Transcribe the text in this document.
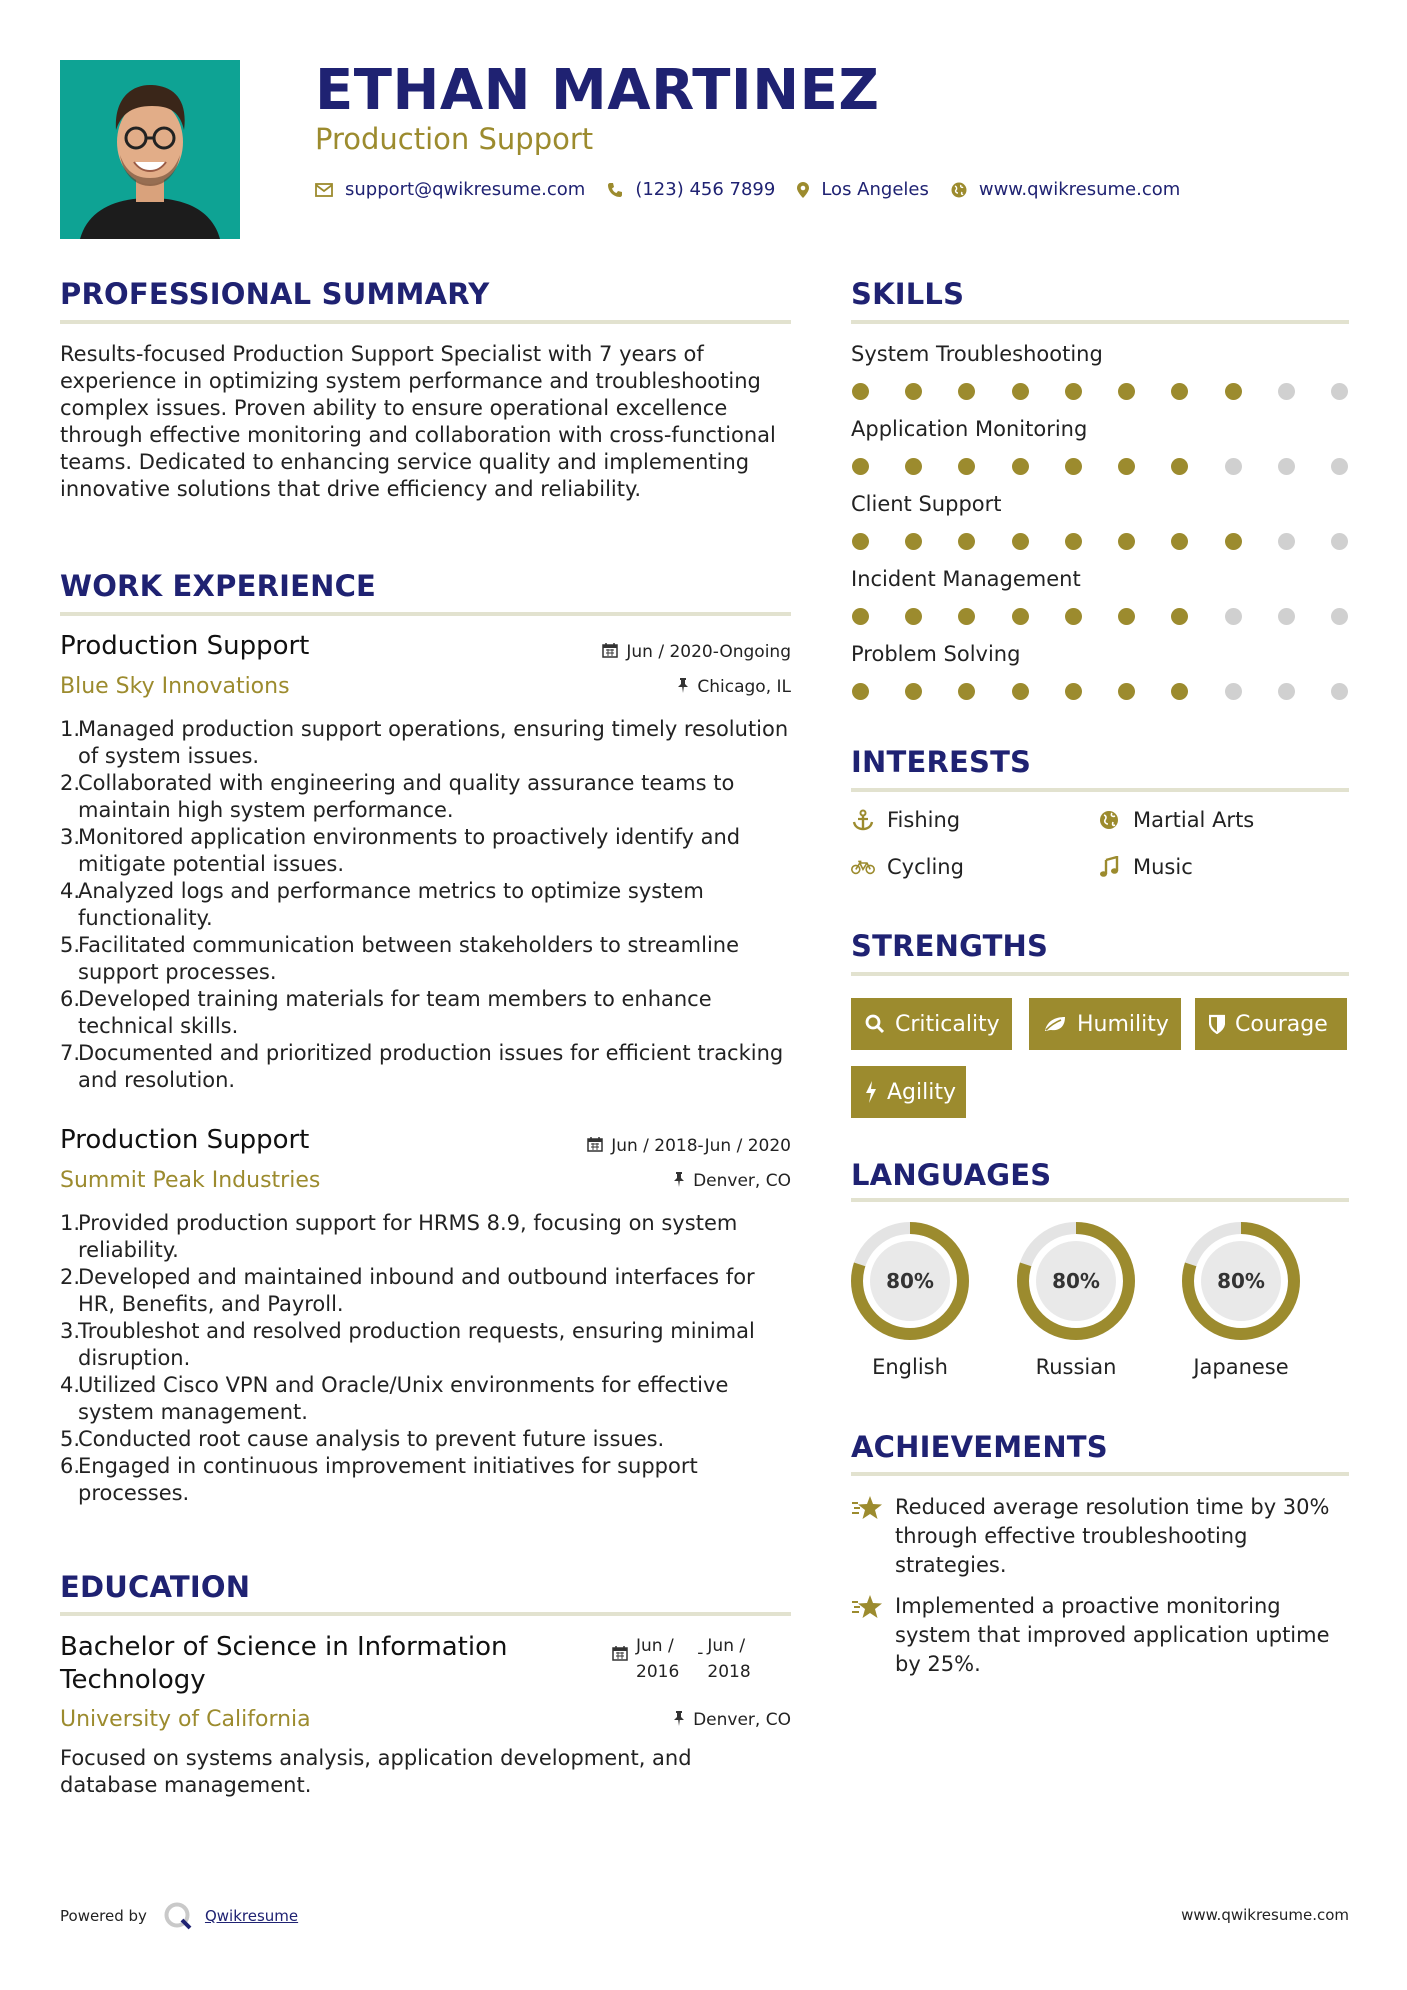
ETHAN MARTINEZ
Production Support
support@qwikresume.com	(123) 456 7899	Los Angeles	www.qwikresume.com
PROFESSIONAL SUMMARY
Results-focused Production Support Specialist with 7 years of experience in optimizing system performance and troubleshooting complex issues. Proven ability to ensure operational excellence through effective monitoring and collaboration with cross-functional teams. Dedicated to enhancing service quality and implementing innovative solutions that drive efficiency and reliability.
WORK EXPERIENCE
Production Support	Jun / 2020-Ongoing
Blue Sky Innovations	Chicago, IL
1.
Managed production support operations, ensuring timely resolution of system issues.
2.
Collaborated with engineering and quality assurance teams to maintain high system performance.
3.
Monitored application environments to proactively identify and mitigate potential issues.
4.
Analyzed logs and performance metrics to optimize system functionality.
5.
Facilitated communication between stakeholders to streamline support processes.
6.
Developed training materials for team members to enhance technical skills.
7.
Documented and prioritized production issues for efficient tracking and resolution.
Production Support	Jun / 2018-Jun / 2020
Summit Peak Industries	Denver, CO
1.
Provided production support for HRMS 8.9, focusing on system reliability.
2.
Developed and maintained inbound and outbound interfaces for HR, Benefits, and Payroll.
3.
Troubleshot and resolved production requests, ensuring minimal disruption.
4.
Utilized Cisco VPN and Oracle/Unix environments for effective system management.
5.
Conducted root cause analysis to prevent future issues.
6.
Engaged in continuous improvement initiatives for support processes.
EDUCATION
Bachelor of Science in Information Technology
Jun /
2016
- Jun /
2018
University of California	Denver, CO
Focused on systems analysis, application development, and database management.
SKILLS
System Troubleshooting
Application Monitoring
Client Support
Incident Management
Problem Solving
INTERESTS
Fishing	Martial Arts
Cycling	Music
STRENGTHS
Criticality	Humility	Courage
Agility
LANGUAGES
80%
English
80%
Russian
80%
Japanese
ACHIEVEMENTS
Reduced average resolution time by 30% through effective troubleshooting strategies.
Implemented a proactive monitoring system that improved application uptime by 25%.
Powered by	Qwikresume	www.qwikresume.com
